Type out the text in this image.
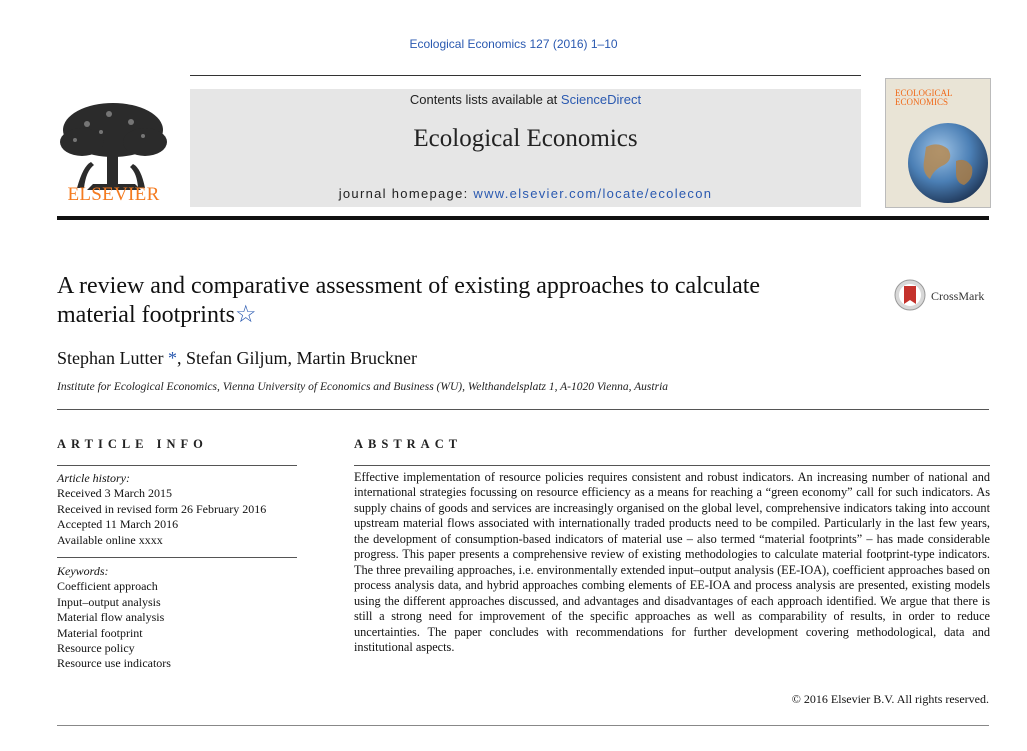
Ecological Economics 127 (2016) 1–10
ELSEVIER
Contents lists available at ScienceDirect
Ecological Economics
journal homepage: www.elsevier.com/locate/ecolecon
ECOLOGICAL
ECONOMICS
A review and comparative assessment of existing approaches to calculate
material footprints☆
CrossMark
Stephan Lutter *, Stefan Giljum, Martin Bruckner
Institute for Ecological Economics, Vienna University of Economics and Business (WU), Welthandelsplatz 1, A-1020 Vienna, Austria
ARTICLE INFO
Article history:
Received 3 March 2015
Received in revised form 26 February 2016
Accepted 11 March 2016
Available online xxxx
Keywords:
Coefficient approach
Input–output analysis
Material flow analysis
Material footprint
Resource policy
Resource use indicators
ABSTRACT
Effective implementation of resource policies requires consistent and robust indicators. An increasing number of national and international strategies focussing on resource efficiency as a means for reaching a “green economy” call for such indicators. As supply chains of goods and services are increasingly organised on the global level, comprehensive indicators taking into account upstream material flows associated with internationally traded products need to be compiled. Particularly in the last few years, the development of consumption-based indicators of material use – also termed “material footprints” – has made considerable progress. This paper presents a comprehensive review of existing methodologies to calculate material footprint-type indicators. The three prevailing approaches, i.e. environmentally extended input–output analysis (EE-IOA), coefficient approaches based on process analysis data, and hybrid approaches combing elements of EE-IOA and process analysis are presented, existing models using the different approaches discussed, and advantages and disadvantages of each approach identified. We argue that there is still a strong need for improvement of the specific approaches as well as comparability of results, in order to reduce uncertainties. The paper concludes with recommendations for further development covering methodological, data and institutional aspects.
© 2016 Elsevier B.V. All rights reserved.
